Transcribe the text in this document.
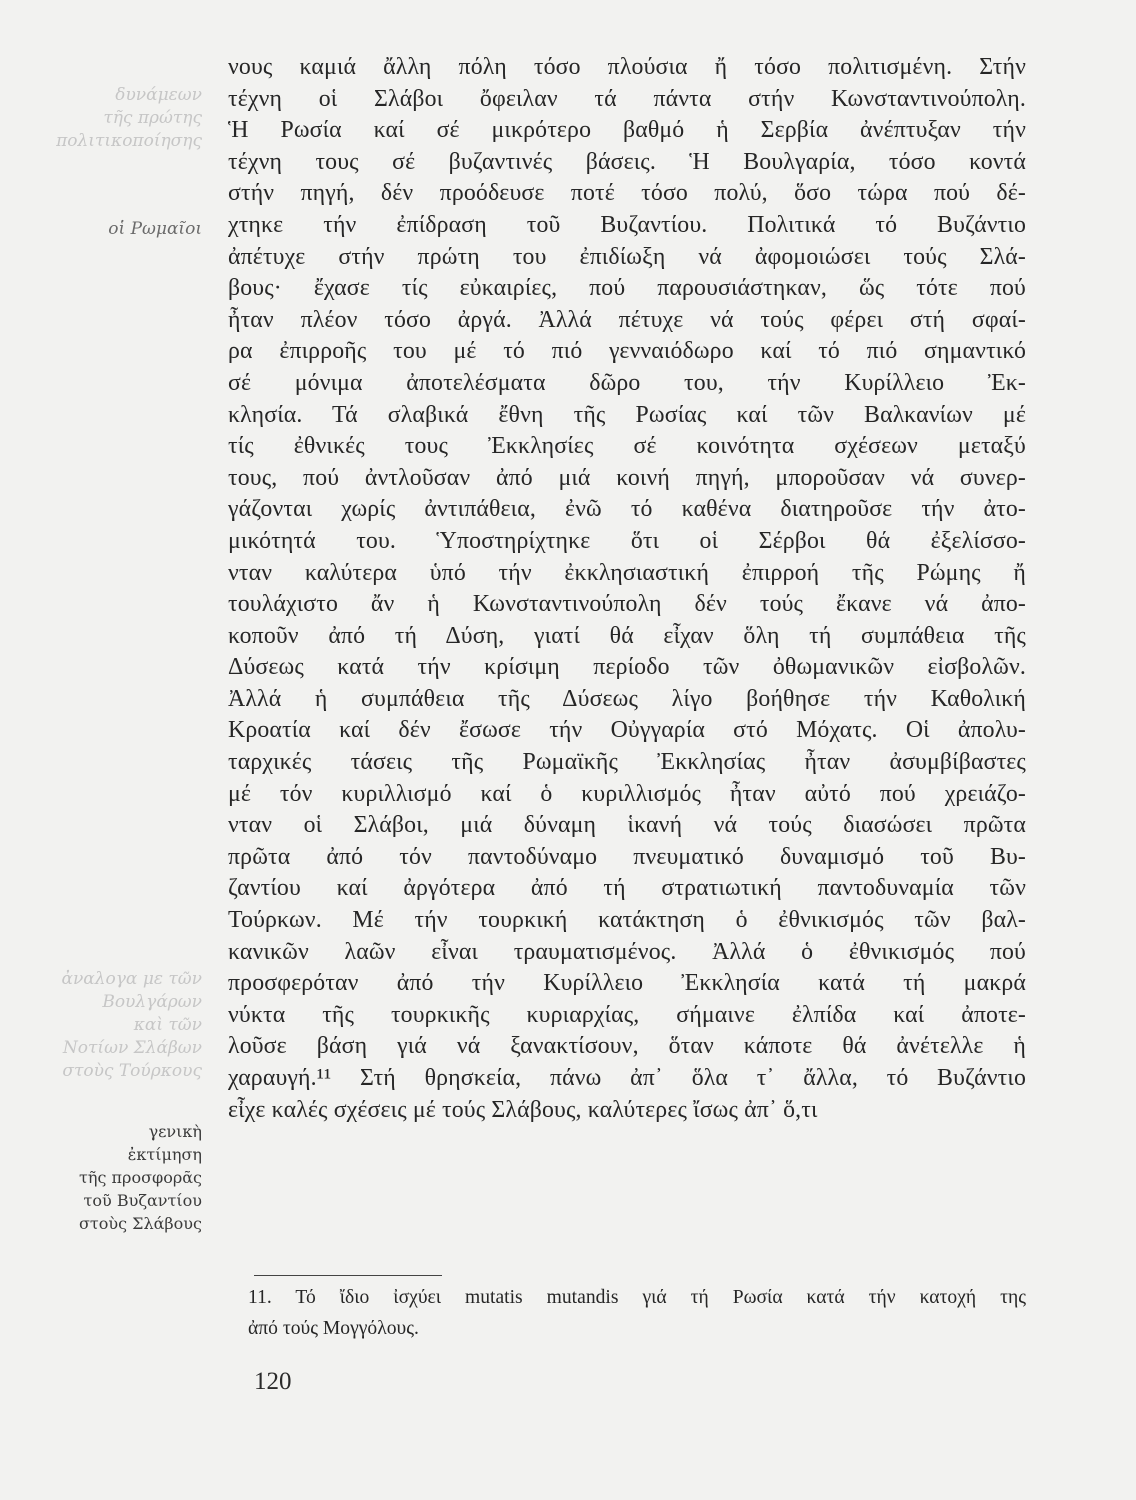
δυνάμεων
τῆς πρώτης
πολιτικοποίησης
οἱ Ρωμαῖοι
ἀναλογα με τῶν
Βουλγάρων
καὶ τῶν
Νοτίων Σλάβων
στοὺς Τούρκους
γενικὴ
ἐκτίμηση
τῆς προσφορᾶς
τοῦ Βυζαντίου
στοὺς Σλάβους
νους καμιά ἄλλη πόλη τόσο πλούσια ἤ τόσο πολιτισμένη. Στήν
τέχνη οἱ Σλάβοι ὄφειλαν τά πάντα στήν Κωνσταντινούπολη.
Ἡ Ρωσία καί σέ μικρότερο βαθμό ἡ Σερβία ἀνέπτυξαν τήν
τέχνη τους σέ βυζαντινές βάσεις. Ἡ Βουλγαρία, τόσο κοντά
στήν πηγή, δέν προόδευσε ποτέ τόσο πολύ, ὅσο τώρα πού δέ-
χτηκε τήν ἐπίδραση τοῦ Βυζαντίου. Πολιτικά τό Βυζάντιο
ἀπέτυχε στήν πρώτη του ἐπιδίωξη νά ἀφομοιώσει τούς Σλά-
βους· ἔχασε τίς εὐκαιρίες, πού παρουσιάστηκαν, ὥς τότε πού
ἦταν πλέον τόσο ἀργά. Ἀλλά πέτυχε νά τούς φέρει στή σφαί-
ρα ἐπιρροῆς του μέ τό πιό γενναιόδωρο καί τό πιό σημαντικό
σέ μόνιμα ἀποτελέσματα δῶρο του, τήν Κυρίλλειο Ἐκ-
κλησία. Τά σλαβικά ἔθνη τῆς Ρωσίας καί τῶν Βαλκανίων μέ
τίς ἐθνικές τους Ἐκκλησίες σέ κοινότητα σχέσεων μεταξύ
τους, πού ἀντλοῦσαν ἀπό μιά κοινή πηγή, μποροῦσαν νά συνερ-
γάζονται χωρίς ἀντιπάθεια, ἐνῶ τό καθένα διατηροῦσε τήν ἀτο-
μικότητά του. Ὑποστηρίχτηκε ὅτι οἱ Σέρβοι θά ἐξελίσσο-
νταν καλύτερα ὑπό τήν ἐκκλησιαστική ἐπιρροή τῆς Ρώμης ἤ
τουλάχιστο ἄν ἡ Κωνσταντινούπολη δέν τούς ἔκανε νά ἀπο-
κοποῦν ἀπό τή Δύση, γιατί θά εἶχαν ὅλη τή συμπάθεια τῆς
Δύσεως κατά τήν κρίσιμη περίοδο τῶν ὀθωμανικῶν εἰσβολῶν.
Ἀλλά ἡ συμπάθεια τῆς Δύσεως λίγο βοήθησε τήν Καθολική
Κροατία καί δέν ἔσωσε τήν Οὐγγαρία στό Μόχατς. Οἱ ἀπολυ-
ταρχικές τάσεις τῆς Ρωμαϊκῆς Ἐκκλησίας ἦταν ἀσυμβίβαστες
μέ τόν κυριλλισμό καί ὁ κυριλλισμός ἦταν αὐτό πού χρειάζο-
νταν οἱ Σλάβοι, μιά δύναμη ἱκανή νά τούς διασώσει πρῶτα
πρῶτα ἀπό τόν παντοδύναμο πνευματικό δυναμισμό τοῦ Βυ-
ζαντίου καί ἀργότερα ἀπό τή στρατιωτική παντοδυναμία τῶν
Τούρκων. Μέ τήν τουρκική κατάκτηση ὁ ἐθνικισμός τῶν βαλ-
κανικῶν λαῶν εἶναι τραυματισμένος. Ἀλλά ὁ ἐθνικισμός πού
προσφερόταν ἀπό τήν Κυρίλλειο Ἐκκλησία κατά τή μακρά
νύκτα τῆς τουρκικῆς κυριαρχίας, σήμαινε ἐλπίδα καί ἀποτε-
λοῦσε βάση γιά νά ξανακτίσουν, ὅταν κάποτε θά ἀνέτελλε ἡ
χαραυγή.¹¹ Στή θρησκεία, πάνω ἀπ᾽ ὅλα τ᾽ ἄλλα, τό Βυζάντιο
εἶχε καλές σχέσεις μέ τούς Σλάβους, καλύτερες ἴσως ἀπ᾽ ὅ,τι
11. Τό ἴδιο ἰσχύει mutatis mutandis γιά τή Ρωσία κατά τήν κατοχή της
ἀπό τούς Μογγόλους.
120
